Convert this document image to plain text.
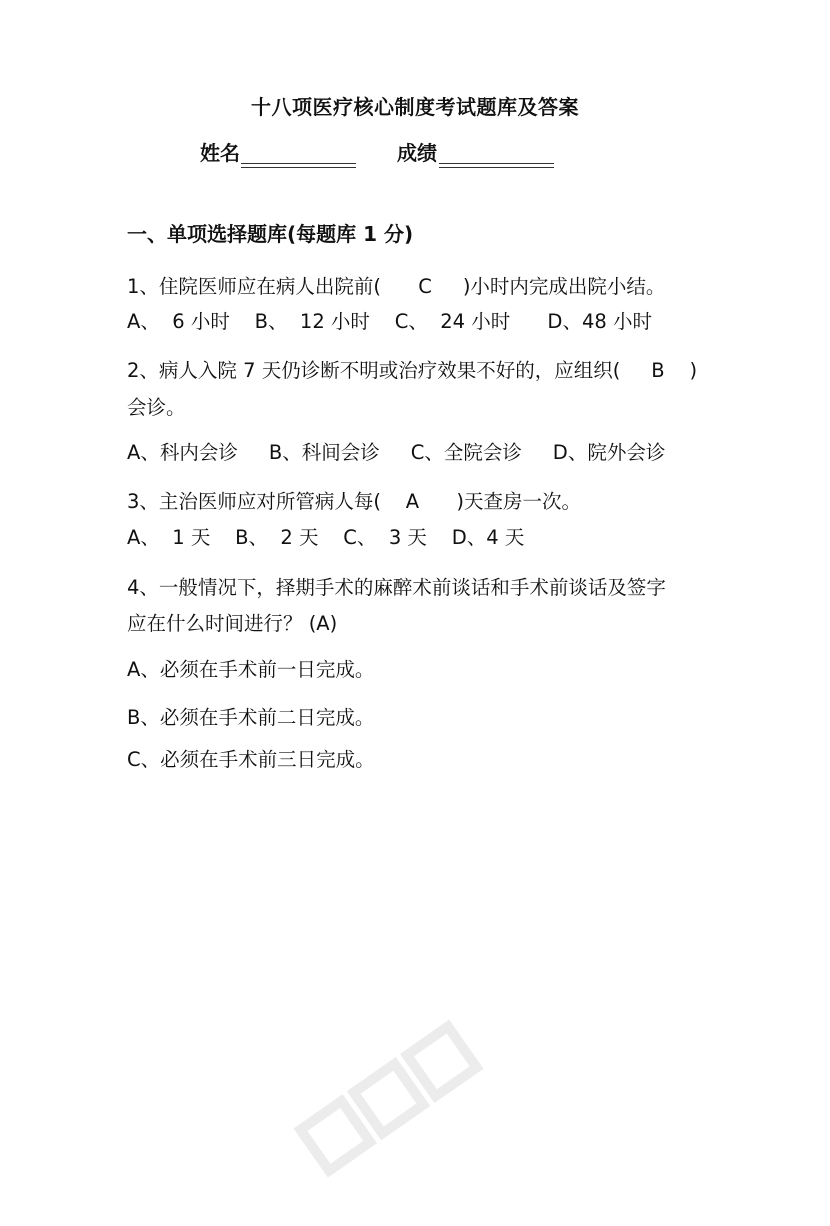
十八项医疗核心制度考试题库及答案
姓名	成绩
一、单项选择题库(每题库 1 分)
1、住院医师应在病人出院前(      C     )小时内完成出院小结。
A、  6 小时    B、  12 小时    C、  24 小时      D、48 小时
2、病人入院 7 天仍诊断不明或治疗效果不好的，应组织(     B    )
会诊。
A、科内会诊     B、科间会诊     C、全院会诊     D、院外会诊
3、主治医师应对所管病人每(    A      )天查房一次。
A、  1 天    B、  2 天    C、  3 天    D、4 天
4、一般情况下，择期手术的麻醉术前谈话和手术前谈话及签字
应在什么时间进行？ (A)
A、必须在手术前一日完成。
B、必须在手术前二日完成。
C、必须在手术前三日完成。
